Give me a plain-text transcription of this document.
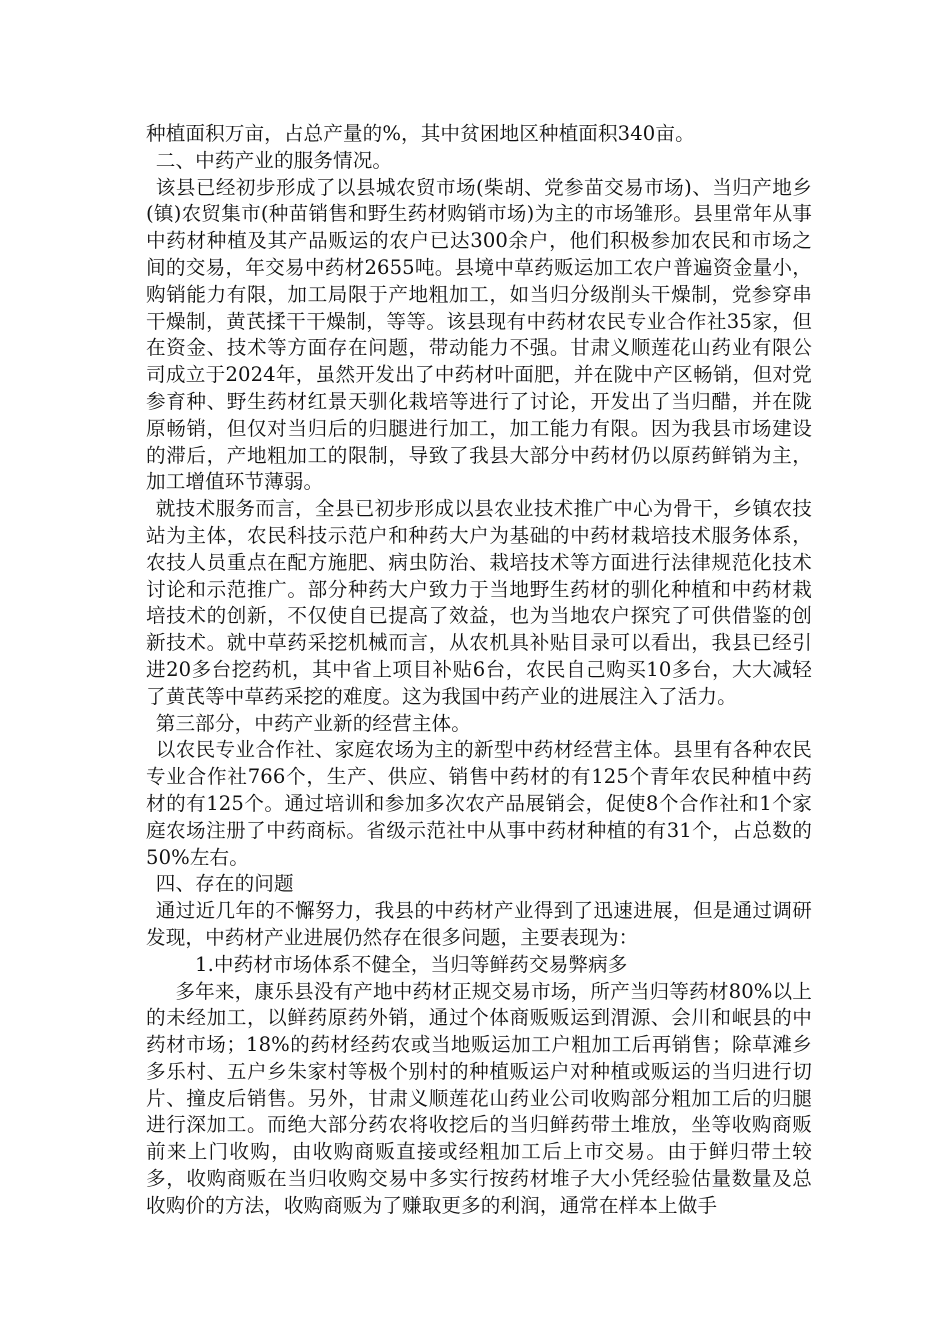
种植面积万亩，占总产量的%，其中贫困地区种植面积340亩。

二、中药产业的服务情况。

该县已经初步形成了以县城农贸市场(柴胡、党参苗交易市场)、当归产地乡(镇)农贸集市(种苗销售和野生药材购销市场)为主的市场雏形。县里常年从事中药材种植及其产品贩运的农户已达300余户，他们积极参加农民和市场之间的交易，年交易中药材2655吨。县境中草药贩运加工农户普遍资金量小，购销能力有限，加工局限于产地粗加工，如当归分级削头干燥制，党参穿串干燥制，黄芪揉干干燥制，等等。该县现有中药材农民专业合作社35家，但在资金、技术等方面存在问题，带动能力不强。甘肃义顺莲花山药业有限公司成立于2024年，虽然开发出了中药材叶面肥，并在陇中产区畅销，但对党参育种、野生药材红景天驯化栽培等进行了讨论，开发出了当归醋，并在陇原畅销，但仅对当归后的归腿进行加工，加工能力有限。因为我县市场建设的滞后，产地粗加工的限制，导致了我县大部分中药材仍以原药鲜销为主，加工增值环节薄弱。

就技术服务而言，全县已初步形成以县农业技术推广中心为骨干，乡镇农技站为主体，农民科技示范户和种药大户为基础的中药材栽培技术服务体系，农技人员重点在配方施肥、病虫防治、栽培技术等方面进行法律规范化技术讨论和示范推广。部分种药大户致力于当地野生药材的驯化种植和中药材栽培技术的创新，不仅使自已提高了效益，也为当地农户探究了可供借鉴的创新技术。就中草药采挖机械而言，从农机具补贴目录可以看出，我县已经引进20多台挖药机，其中省上项目补贴6台，农民自己购买10多台，大大减轻了黄芪等中草药采挖的难度。这为我国中药产业的进展注入了活力。

第三部分，中药产业新的经营主体。

以农民专业合作社、家庭农场为主的新型中药材经营主体。县里有各种农民专业合作社766个，生产、供应、销售中药材的有125个青年农民种植中药材的有125个。通过培训和参加多次农产品展销会，促使8个合作社和1个家庭农场注册了中药商标。省级示范社中从事中药材种植的有31个，占总数的50%左右。

四、存在的问题

通过近几年的不懈努力，我县的中药材产业得到了迅速进展，但是通过调研发现，中药材产业进展仍然存在很多问题，主要表现为：

1.中药材市场体系不健全，当归等鲜药交易弊病多

多年来，康乐县没有产地中药材正规交易市场，所产当归等药材80%以上的未经加工，以鲜药原药外销，通过个体商贩贩运到渭源、会川和岷县的中药材市场；18%的药材经药农或当地贩运加工户粗加工后再销售；除草滩乡多乐村、五户乡朱家村等极个别村的种植贩运户对种植或贩运的当归进行切片、撞皮后销售。另外，甘肃义顺莲花山药业公司收购部分粗加工后的归腿进行深加工。而绝大部分药农将收挖后的当归鲜药带土堆放，坐等收购商贩前来上门收购，由收购商贩直接或经粗加工后上市交易。由于鲜归带土较多，收购商贩在当归收购交易中多实行按药材堆子大小凭经验估量数量及总收购价的方法，收购商贩为了赚取更多的利润，通常在样本上做手
